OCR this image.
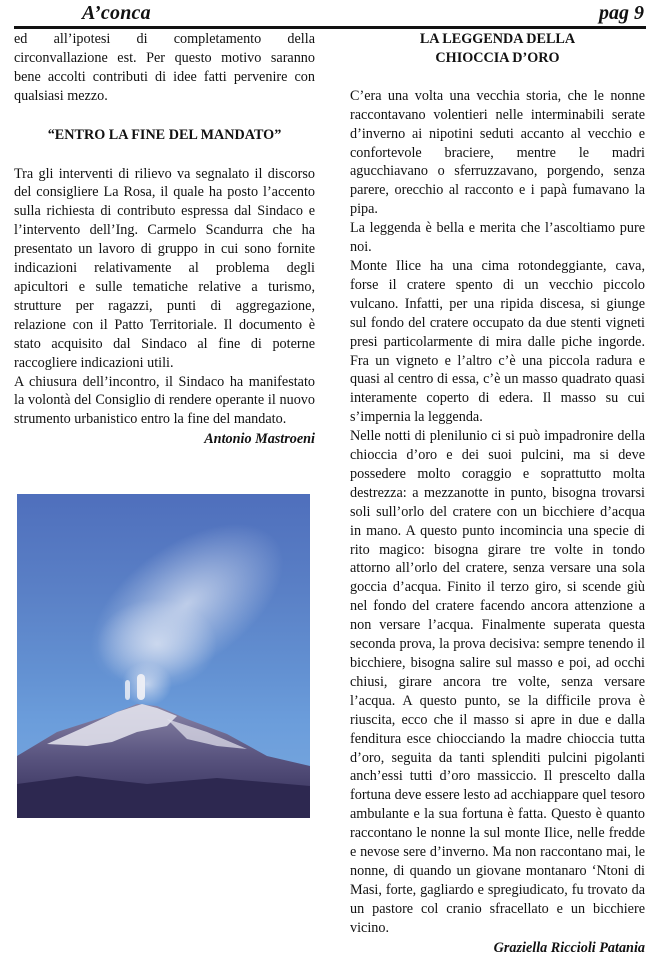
A’conca	pag 9

ed all’ipotesi di completamento della circonvallazione est. Per questo motivo saranno bene accolti contributi di idee fatti pervenire con qualsiasi mezzo.

“ENTRO LA FINE DEL MANDATO”

Tra gli interventi di rilievo va segnalato il discorso del consigliere La Rosa, il quale ha posto l’accento sulla richiesta di contributo espressa dal Sindaco e l’intervento dell’Ing. Carmelo Scandurra che ha presentato un lavoro di gruppo in cui sono fornite indicazioni relativamente al problema degli apicultori e sulle tematiche relative a turismo, strutture per ragazzi, punti di aggregazione, relazione con il Patto Territoriale. Il documento è stato acquisito dal Sindaco al fine di poterne raccogliere indicazioni utili.

A chiusura dell’incontro, il Sindaco ha manifestato la volontà del Consiglio di rendere operante il nuovo strumento urbanistico entro la fine del mandato.

Antonio Mastroeni

LA LEGGENDA DELLA

CHIOCCIA D’ORO

C’era una volta una vecchia storia, che le nonne raccontavano volentieri nelle interminabili serate d’inverno ai nipotini seduti accanto al vecchio e confortevole braciere, mentre le madri agucchiavano o sferruzzavano, porgendo, senza parere, orecchio al racconto e i papà fumavano la pipa.

La leggenda è bella e merita che l’ascoltiamo pure noi.

Monte Ilice ha una cima rotondeggiante, cava, forse il cratere spento di un vecchio piccolo vulcano. Infatti, per una ripida discesa, si giunge sul fondo del cratere occupato da due stenti vigneti presi particolarmente di mira dalle piche ingorde. Fra un vigneto e l’altro c’è una piccola radura e quasi al centro di essa, c’è un masso quadrato quasi interamente coperto di edera. Il masso su cui s’impernia la leggenda.

Nelle notti di plenilunio ci si può impadronire della chioccia d’oro e dei suoi pulcini, ma si deve possedere molto coraggio e soprattutto molta destrezza: a mezzanotte in punto, bisogna trovarsi soli sull’orlo del cratere con un bicchiere d’acqua in mano. A questo punto incomincia una specie di rito magico: bisogna girare tre volte in tondo attorno all’orlo del cratere, senza versare una sola goccia d’acqua. Finito il terzo giro, si scende giù nel fondo del cratere facendo ancora attenzione a non versare l’acqua. Finalmente superata questa seconda prova, la prova decisiva: sempre tenendo il bicchiere, bisogna salire sul masso e poi, ad occhi chiusi, girare ancora tre volte, senza versare l’acqua. A questo punto, se la difficile prova è riuscita, ecco che il masso si apre in due e dalla fenditura esce chiocciando la madre chioccia tutta d’oro, seguita da tanti splenditi pulcini pigolanti anch’essi tutti d’oro massiccio. Il prescelto dalla fortuna deve essere lesto ad acchiappare quel tesoro ambulante e la sua fortuna è fatta. Questo è quanto raccontano le nonne la sul monte Ilice, nelle fredde e nevose sere d’inverno. Ma non raccontano mai, le nonne, di quando un giovane montanaro ‘Ntoni di Masi, forte, gagliardo e spregiudicato, fu trovato da un pastore col cranio sfracellato e un bicchiere vicino.

Graziella Riccioli Patania
